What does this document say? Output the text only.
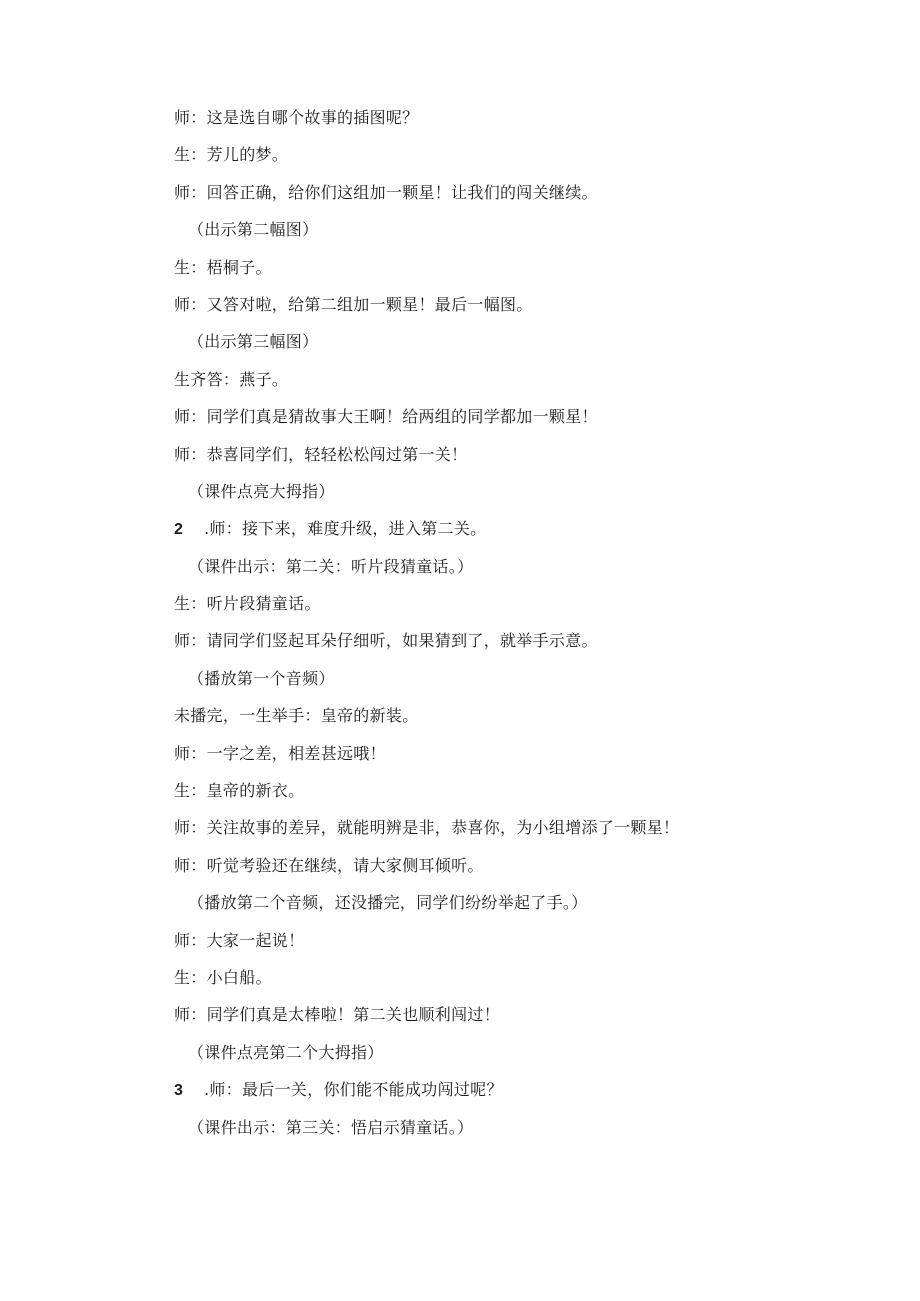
师：这是选自哪个故事的插图呢？
生：芳儿的梦。
师：回答正确，给你们这组加一颗星！让我们的闯关继续。
（出示第二幅图）
生：梧桐子。
师：又答对啦，给第二组加一颗星！最后一幅图。
（出示第三幅图）
生齐答：燕子。
师：同学们真是猜故事大王啊！给两组的同学都加一颗星！
师：恭喜同学们，轻轻松松闯过第一关！
（课件点亮大拇指）
2 .师：接下来，难度升级，进入第二关。
（课件出示：第二关：听片段猜童话。）
生：听片段猜童话。
师：请同学们竖起耳朵仔细听，如果猜到了，就举手示意。
（播放第一个音频）
未播完，一生举手：皇帝的新装。
师：一字之差，相差甚远哦！
生：皇帝的新衣。
师：关注故事的差异，就能明辨是非，恭喜你，为小组增添了一颗星！
师：听觉考验还在继续，请大家侧耳倾听。
（播放第二个音频，还没播完，同学们纷纷举起了手。）
师：大家一起说！
生：小白船。
师：同学们真是太棒啦！第二关也顺利闯过！
（课件点亮第二个大拇指）
3 .师：最后一关，你们能不能成功闯过呢？
（课件出示：第三关：悟启示猜童话。）
